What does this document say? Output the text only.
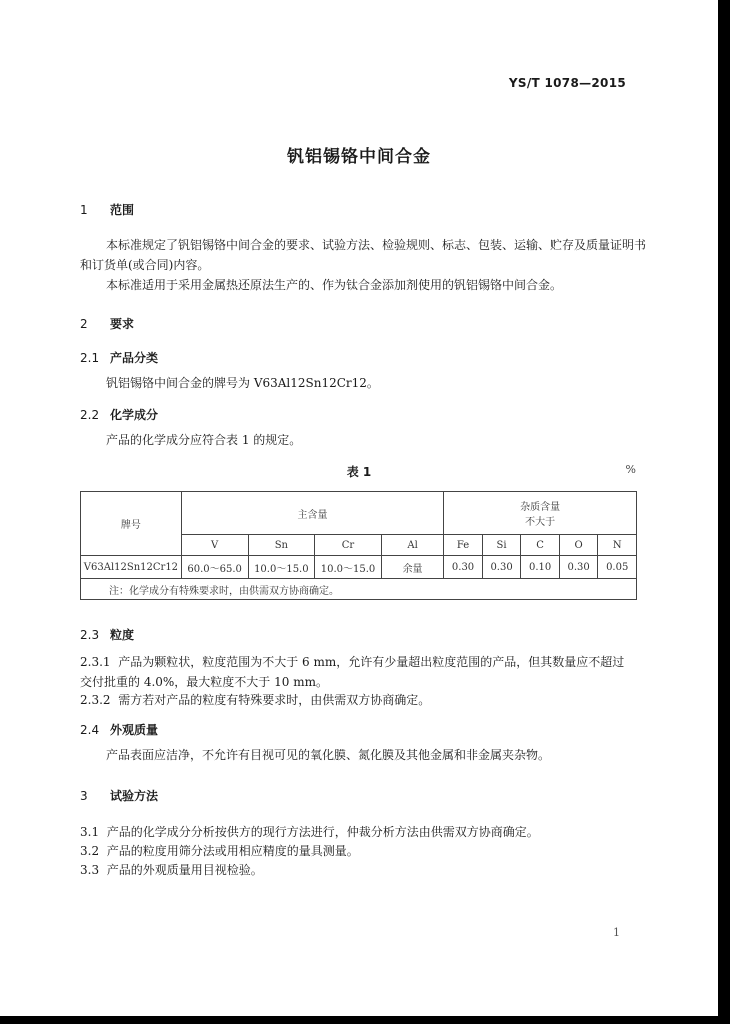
YS/T 1078—2015
钒铝锡铬中间合金
1 范围
本标准规定了钒铝锡铬中间合金的要求、试验方法、检验规则、标志、包装、运输、贮存及质量证明书
和订货单(或合同)内容。
本标准适用于采用金属热还原法生产的、作为钛合金添加剂使用的钒铝锡铬中间合金。
2 要求
2.1 产品分类
钒铝锡铬中间合金的牌号为 V63Al12Sn12Cr12。
2.2 化学成分
产品的化学成分应符合表 1 的规定。
表 1	%
牌号	主含量				杂质含量
不大于				

	V	Sn	Cr	Al	Fe	Si	C	O	N
V63Al12Sn12Cr12	60.0～65.0	10.0～15.0	10.0～15.0	余量	0.30	0.30	0.10	0.30	0.05
注：化学成分有特殊要求时，由供需双方协商确定。									
2.3 粒度
2.3.1 产品为颗粒状，粒度范围为不大于 6 mm，允许有少量超出粒度范围的产品，但其数量应不超过
交付批重的 4.0%，最大粒度不大于 10 mm。
2.3.2 需方若对产品的粒度有特殊要求时，由供需双方协商确定。
2.4 外观质量
产品表面应洁净，不允许有目视可见的氧化膜、氮化膜及其他金属和非金属夹杂物。
3 试验方法
3.1 产品的化学成分分析按供方的现行方法进行，仲裁分析方法由供需双方协商确定。
3.2 产品的粒度用筛分法或用相应精度的量具测量。
3.3 产品的外观质量用目视检验。
1
